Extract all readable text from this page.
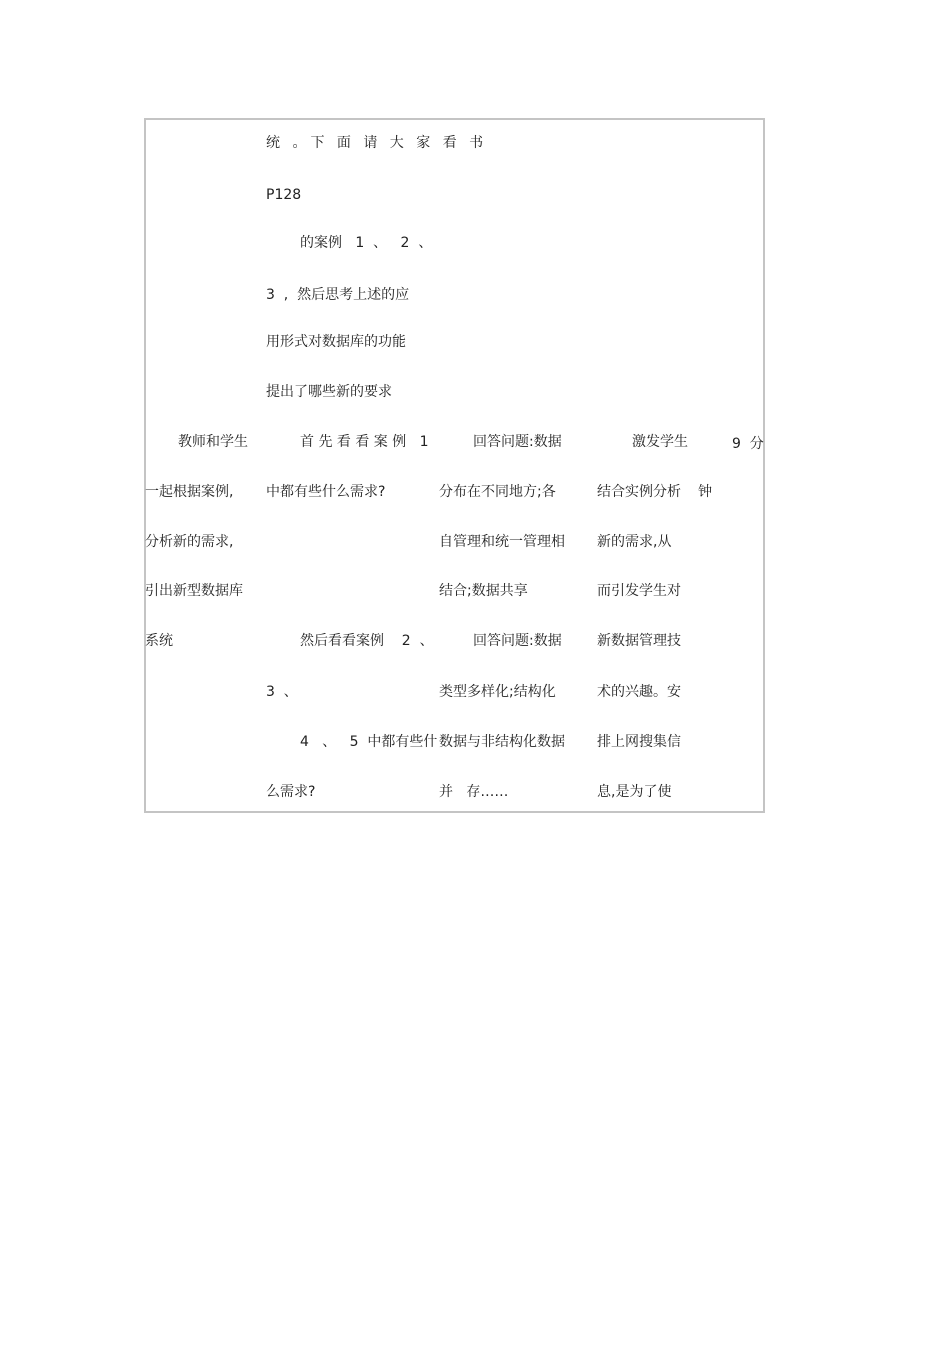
统 。下 面 请 大 家 看 书
P128
的案例   1  、   2  、
3  ,  然后思考上述的应
用形式对数据库的功能
提出了哪些新的要求
教师和学生
一起根据案例,
分析新的需求,
引出新型数据库
系统
首 先 看 看 案 例   1
中都有些什么需求?
然后看看案例    2  、
3  、
4   、   5  中都有些什
么需求?
回答问题:数据
分布在不同地方;各
自管理和统一管理相
结合;数据共享
回答问题:数据
类型多样化;结构化
数据与非结构化数据
并   存……
激发学生
结合实例分析
新的需求,从
而引发学生对
新数据管理技
术的兴趣。安
排上网搜集信
息,是为了使
9  分
钟
